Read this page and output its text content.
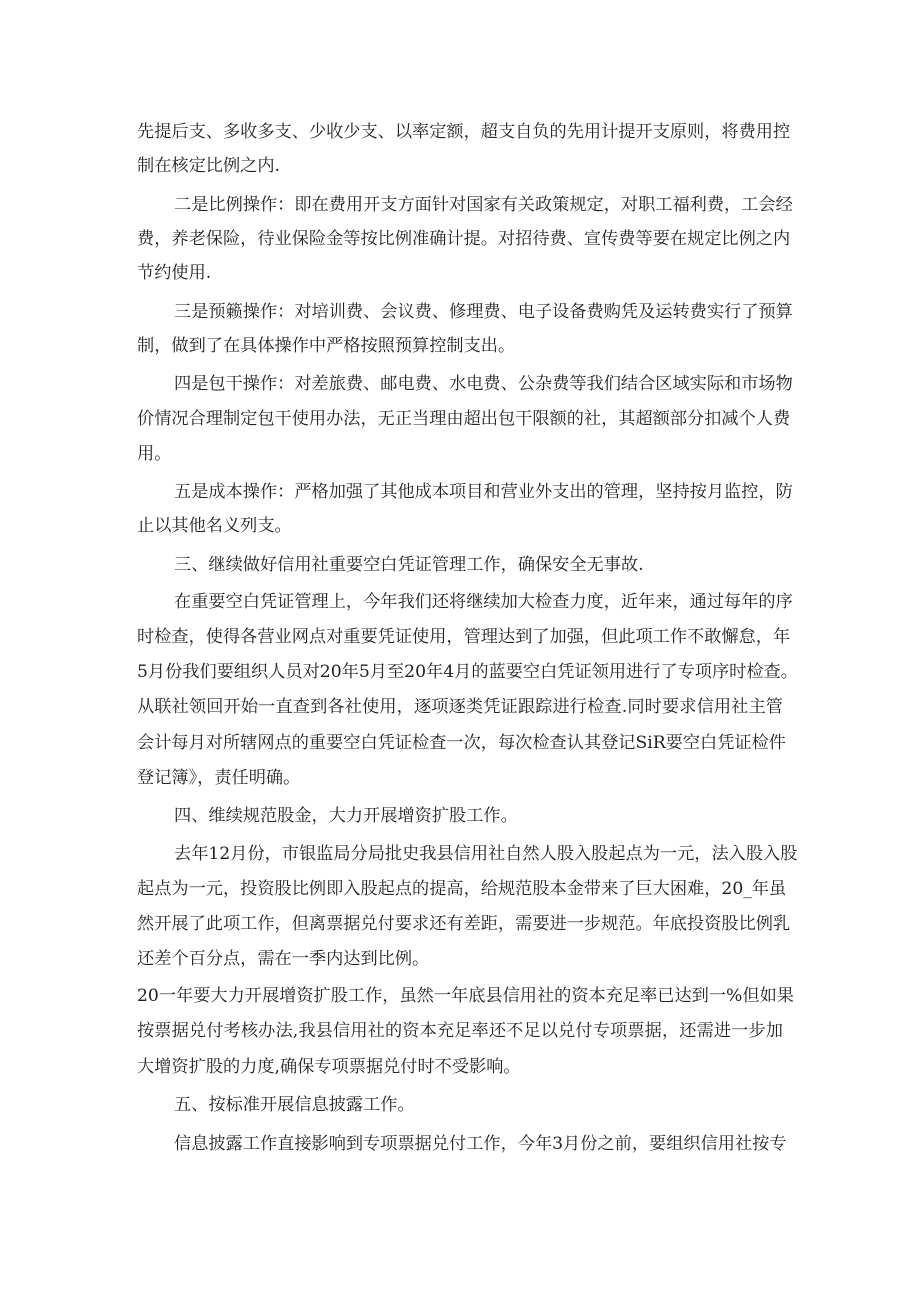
先提后支、多收多支、少收少支、以率定额，超支自负的先用计提开支原则，将费用控
制在核定比例之内.
二是比例操作：即在费用开支方面针对国家有关政策规定，对职工福利费，工会经
费，养老保险，待业保险金等按比例准确计提。对招待费、宣传费等要在规定比例之内
节约使用.
三是预籁操作：对培训费、会议费、修理费、电子设备费购凭及运转费实行了预算
制，做到了在具体操作中严格按照预算控制支出。
四是包干操作：对差旅费、邮电费、水电费、公杂费等我们结合区域实际和市场物
价情况合理制定包干使用办法，无正当理由超出包干限额的社，其超额部分扣减个人费
用。
五是成本操作：严格加强了其他成本项目和营业外支出的管理，坚持按月监控，防
止以其他名义列支。
三、继续做好信用社重要空白凭证管理工作，确保安全无事故.
在重要空白凭证管理上，今年我们还将继续加大检查力度，近年来，通过每年的序
时检查，使得各营业网点对重要凭证使用，管理达到了加强，但此项工作不敢懈怠，年
5月份我们要组织人员对20年5月至20年4月的蓝要空白凭证领用进行了专项序时检查。
从联社领回开始一直查到各社使用，逐项逐类凭证跟踪进行检查.同时要求信用社主管
会计每月对所辖网点的重要空白凭证检査一次，每次检查认其登记SiR要空白凭证检件
登记簿》，责任明确。
四、维续规范股金，大力开展增资扩股工作。
去年12月份，市银监局分局批史我县信用社自然人股入股起点为一元，法入股入股
起点为一元，投资股比例即入股起点的提高，给规范股本金带来了巨大困难，20_年虽
然开展了此项工作，但离票据兑付要求还有差距，需要进一步规范。年底投资股比例乳
还差个百分点，需在一季内达到比例。
20一年要大力开展增资扩股工作，虽然一年底县信用社的资本充足率已达到一%但如果
按票据兑付考核办法,我县信用社的资本充足率还不足以兑付专项票据，还需进一步加
大增资扩股的力度,确保专项票据兑付时不受影响。
五、按标准开展信息披露工作。
信息披露工作直接影响到专项票据兑付工作，今年3月份之前，要组织信用社按专
